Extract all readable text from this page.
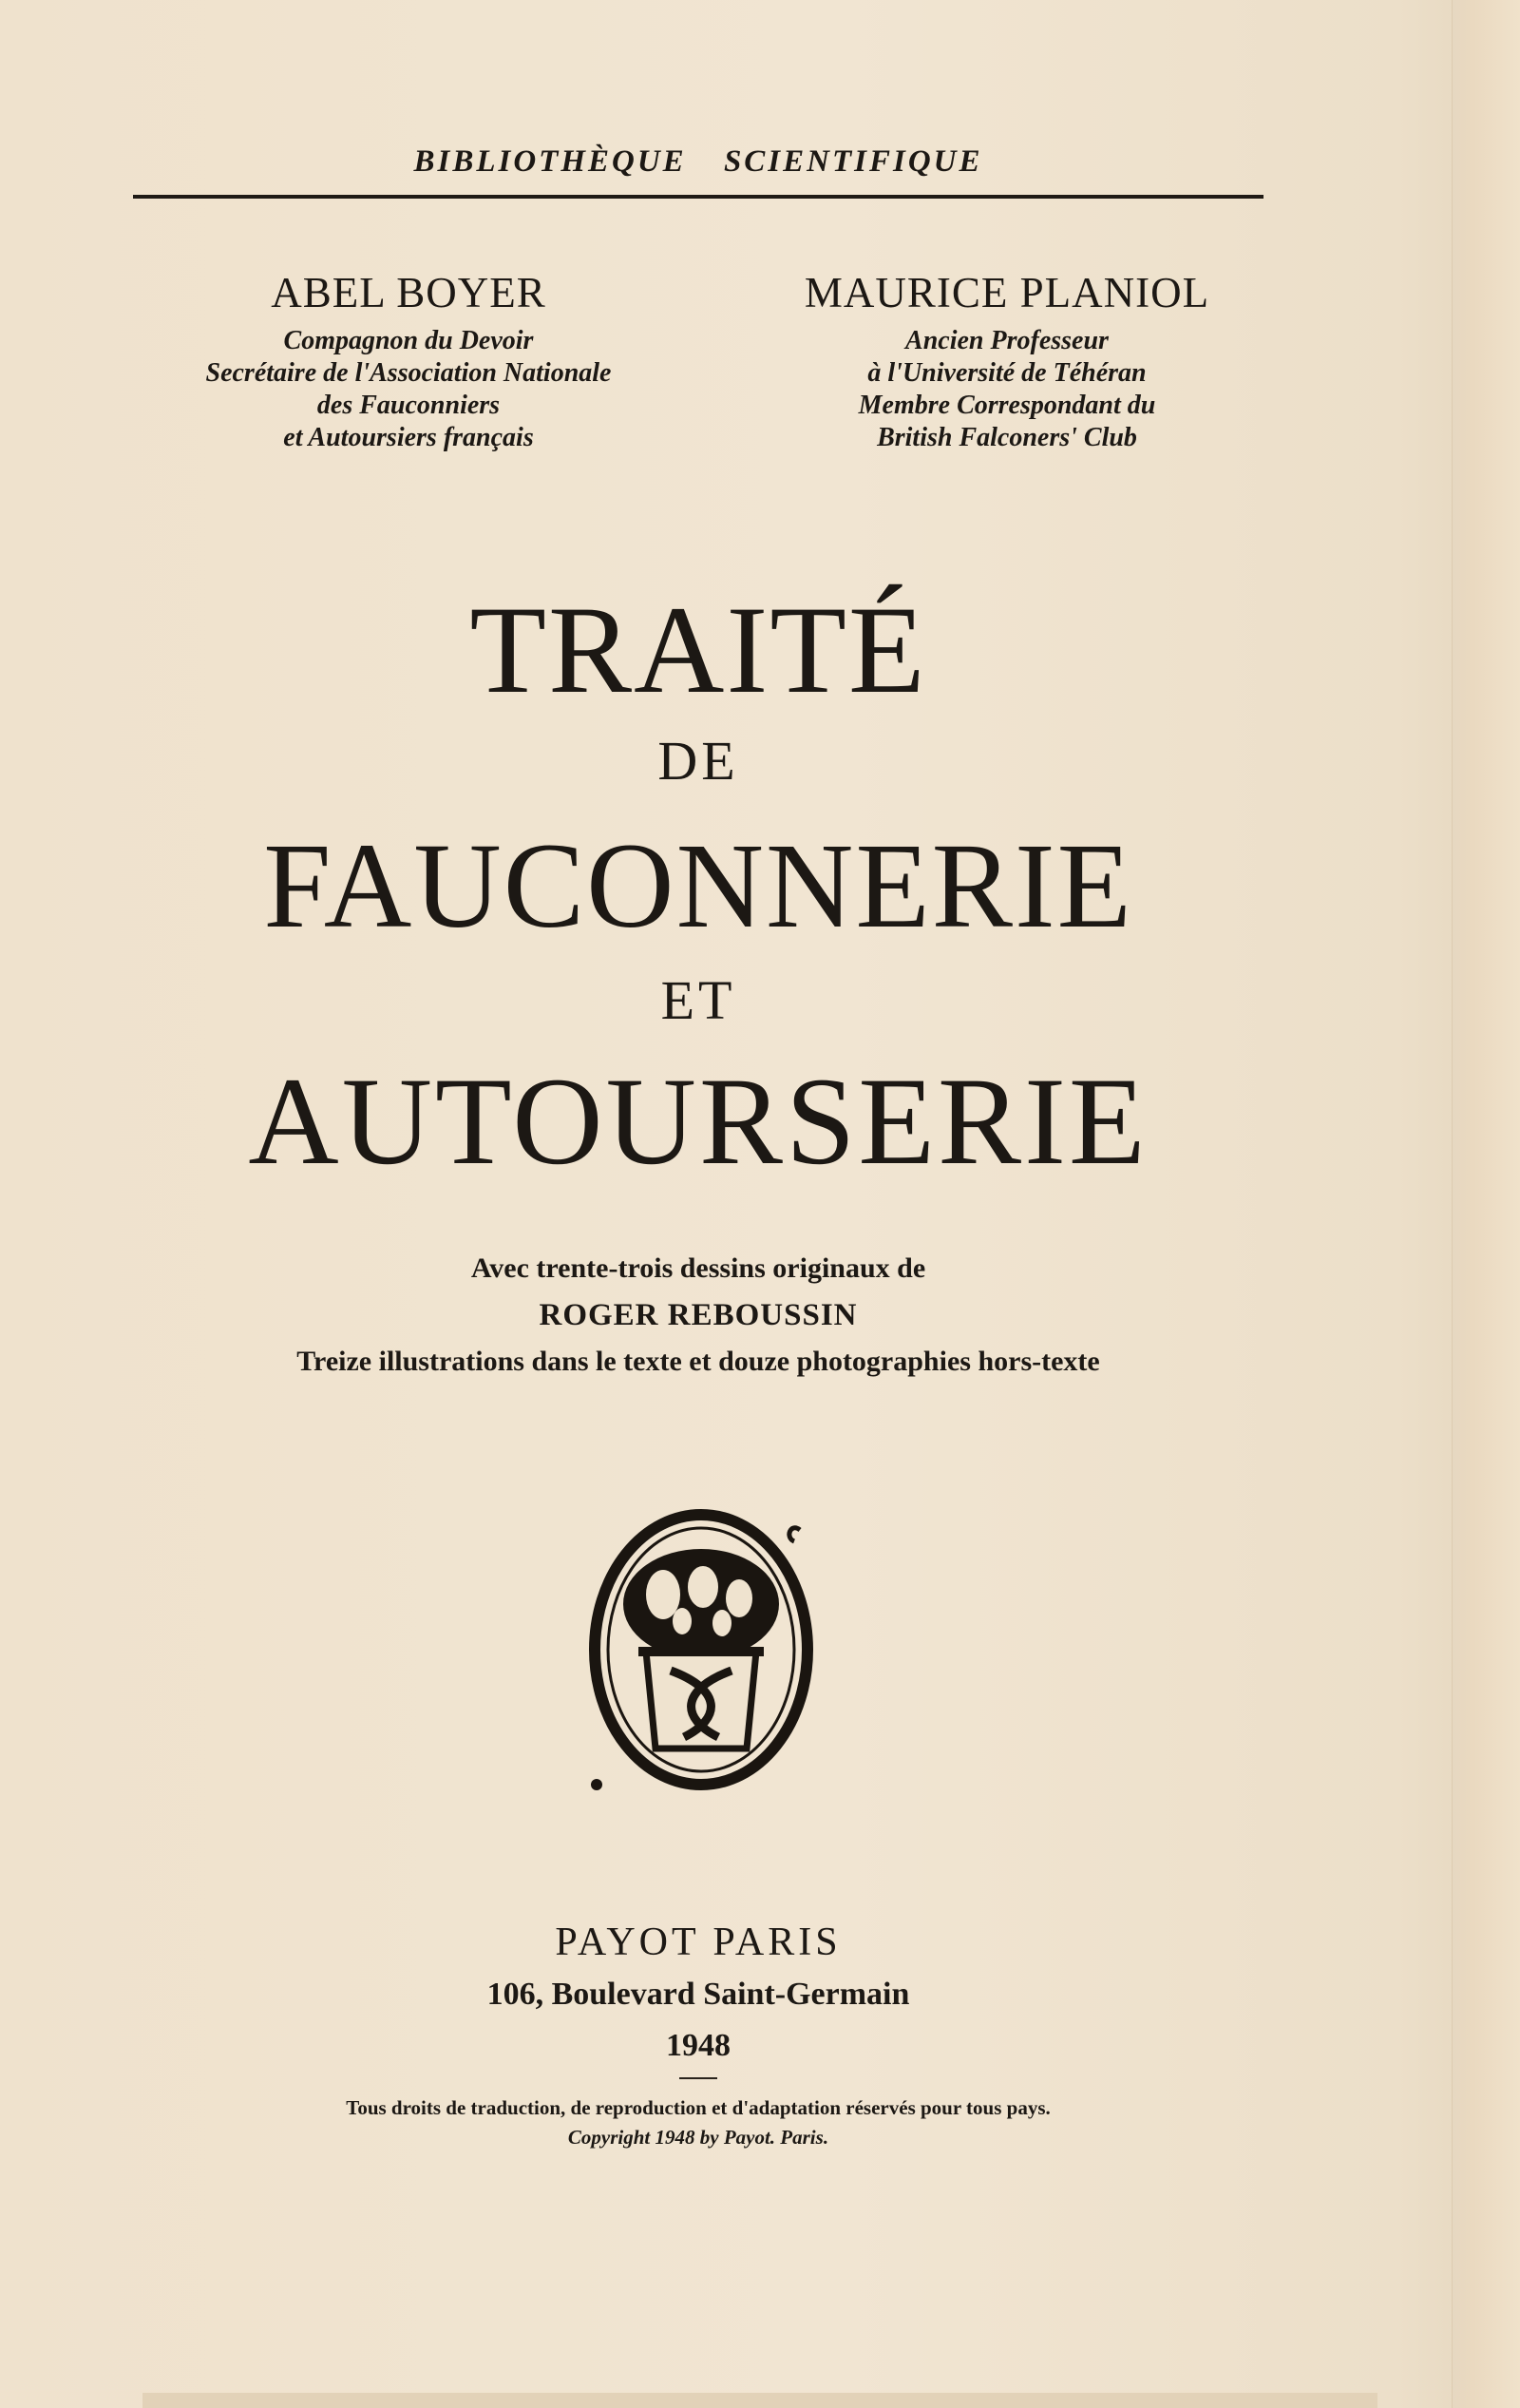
BIBLIOTHÈQUE SCIENTIFIQUE
ABEL BOYER
Compagnon du Devoir
Secrétaire de l'Association Nationale
des Fauconniers
et Autoursiers français
MAURICE PLANIOL
Ancien Professeur
à l'Université de Téhéran
Membre Correspondant du
British Falconers' Club
TRAITÉ
DE
FAUCONNERIE
ET
AUTOURSERIE
Avec trente-trois dessins originaux de
ROGER REBOUSSIN
Treize illustrations dans le texte et douze photographies hors-texte
PAYOT PARIS
106, Boulevard Saint-Germain
1948
Tous droits de traduction, de reproduction et d'adaptation réservés pour tous pays.
Copyright 1948 by Payot. Paris.
